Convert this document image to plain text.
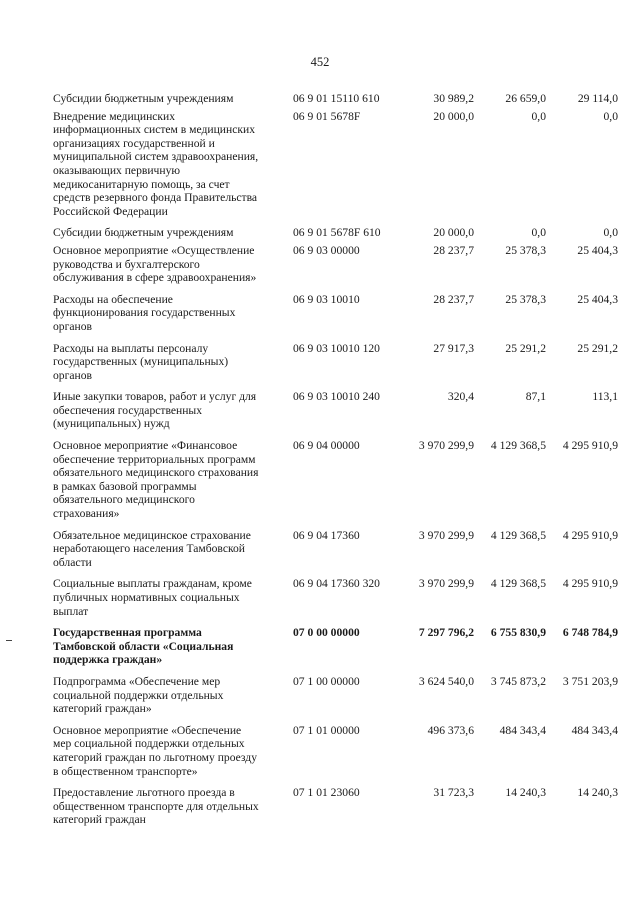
452
Субсидии бюджетным учреждениям	06 9 01 15110 610	30 989,2	26 659,0	29 114,0
Внедрение медицинских
информационных систем в медицинских
организациях государственной и
муниципальной систем здравоохранения,
оказывающих первичную
медикосанитарную помощь, за счет
средств резервного фонда Правительства
Российской Федерации
06 9 01 5678F	20 000,0	0,0	0,0
Субсидии бюджетным учреждениям	06 9 01 5678F 610	20 000,0	0,0	0,0
Основное мероприятие «Осуществление
руководства и бухгалтерского
обслуживания в сфере здравоохранения»
06 9 03 00000	28 237,7	25 378,3	25 404,3
Расходы на обеспечение
функционирования государственных
органов
06 9 03 10010	28 237,7	25 378,3	25 404,3
Расходы на выплаты персоналу
государственных (муниципальных)
органов
06 9 03 10010 120	27 917,3	25 291,2	25 291,2
Иные закупки товаров, работ и услуг для
обеспечения государственных
(муниципальных) нужд
06 9 03 10010 240	320,4	87,1	113,1
Основное мероприятие «Финансовое
обеспечение территориальных программ
обязательного медицинского страхования
в рамках базовой программы
обязательного медицинского
страхования»
06 9 04 00000	3 970 299,9	4 129 368,5	4 295 910,9
Обязательное медицинское страхование
неработающего населения Тамбовской
области
06 9 04 17360	3 970 299,9	4 129 368,5	4 295 910,9
Социальные выплаты гражданам, кроме
публичных нормативных социальных
выплат
06 9 04 17360 320	3 970 299,9	4 129 368,5	4 295 910,9
Государственная программа
Тамбовской области «Социальная
поддержка граждан»
07 0 00 00000	7 297 796,2	6 755 830,9	6 748 784,9
Подпрограмма «Обеспечение мер
социальной поддержки отдельных
категорий граждан»
07 1 00 00000	3 624 540,0	3 745 873,2	3 751 203,9
Основное мероприятие «Обеспечение
мер социальной поддержки отдельных
категорий граждан по льготному проезду
в общественном транспорте»
07 1 01 00000	496 373,6	484 343,4	484 343,4
Предоставление льготного проезда в
общественном транспорте для отдельных
категорий граждан
07 1 01 23060	31 723,3	14 240,3	14 240,3
